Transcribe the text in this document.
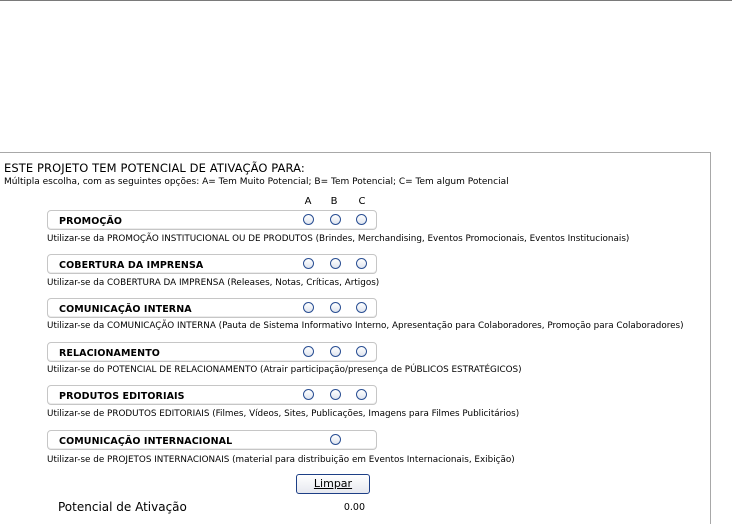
ESTE PROJETO TEM POTENCIAL DE ATIVAÇÃO PARA:
Múltipla escolha, com as seguintes opções: A= Tem Muito Potencial; B= Tem Potencial; C= Tem algum Potencial
A	B	C
PROMOÇÃO
Utilizar-se da PROMOÇÃO INSTITUCIONAL OU DE PRODUTOS (Brindes, Merchandising, Eventos Promocionais, Eventos Institucionais)
COBERTURA DA IMPRENSA
Utilizar-se da COBERTURA DA IMPRENSA (Releases, Notas, Críticas, Artigos)
COMUNICAÇÃO INTERNA
Utilizar-se da COMUNICAÇÃO INTERNA (Pauta de Sistema Informativo Interno, Apresentação para Colaboradores, Promoção para Colaboradores)
RELACIONAMENTO
Utilizar-se do POTENCIAL DE RELACIONAMENTO (Atrair participação/presença de PÚBLICOS ESTRATÉGICOS)
PRODUTOS EDITORIAIS
Utilizar-se de PRODUTOS EDITORIAIS (Filmes, Vídeos, Sites, Publicações, Imagens para Filmes Publicitários)
COMUNICAÇÃO INTERNACIONAL
Utilizar-se de PROJETOS INTERNACIONAIS (material para distribuição em Eventos Internacionais, Exibição)
Limpar
Potencial de Ativação	0.00
